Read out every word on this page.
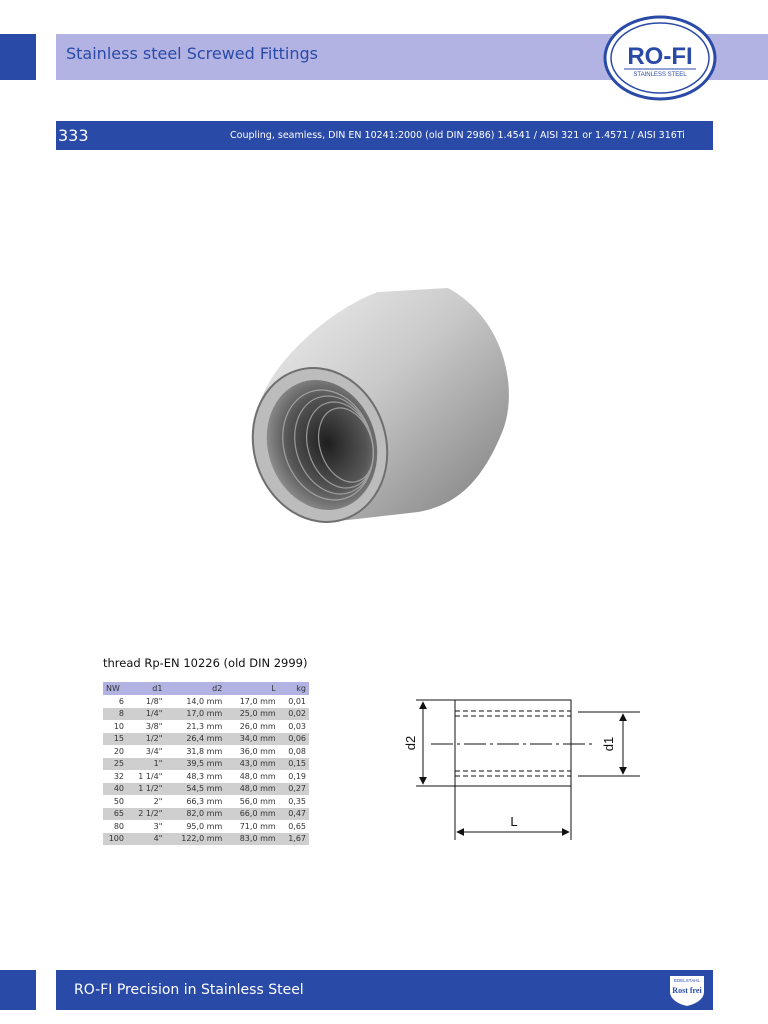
Stainless steel Screwed Fittings	RO-FI
STAINLESS STEEL
333	Coupling, seamless, DIN EN 10241:2000 (old DIN 2986) 1.4541 / AISI 321 or 1.4571 / AISI 316Ti
thread Rp-EN 10226 (old DIN 2999)
NW	d1	d2	L	kg
6	1/8"	14,0 mm	17,0 mm	0,01
8	1/4"	17,0 mm	25,0 mm	0,02
10	3/8"	21,3 mm	26,0 mm	0,03
15	1/2"	26,4 mm	34,0 mm	0,06
20	3/4"	31,8 mm	36,0 mm	0,08
25	1"	39,5 mm	43,0 mm	0,15
32	1 1/4"	48,3 mm	48,0 mm	0,19
40	1 1/2"	54,5 mm	48,0 mm	0,27
50	2"	66,3 mm	56,0 mm	0,35
65	2 1/2"	82,0 mm	66,0 mm	0,47
80	3"	95,0 mm	71,0 mm	0,65
100	4"	122,0 mm	83,0 mm	1,67
d2	d1
L
RO-FI Precision in Stainless Steel
EDELSTAHL
Rost frei
